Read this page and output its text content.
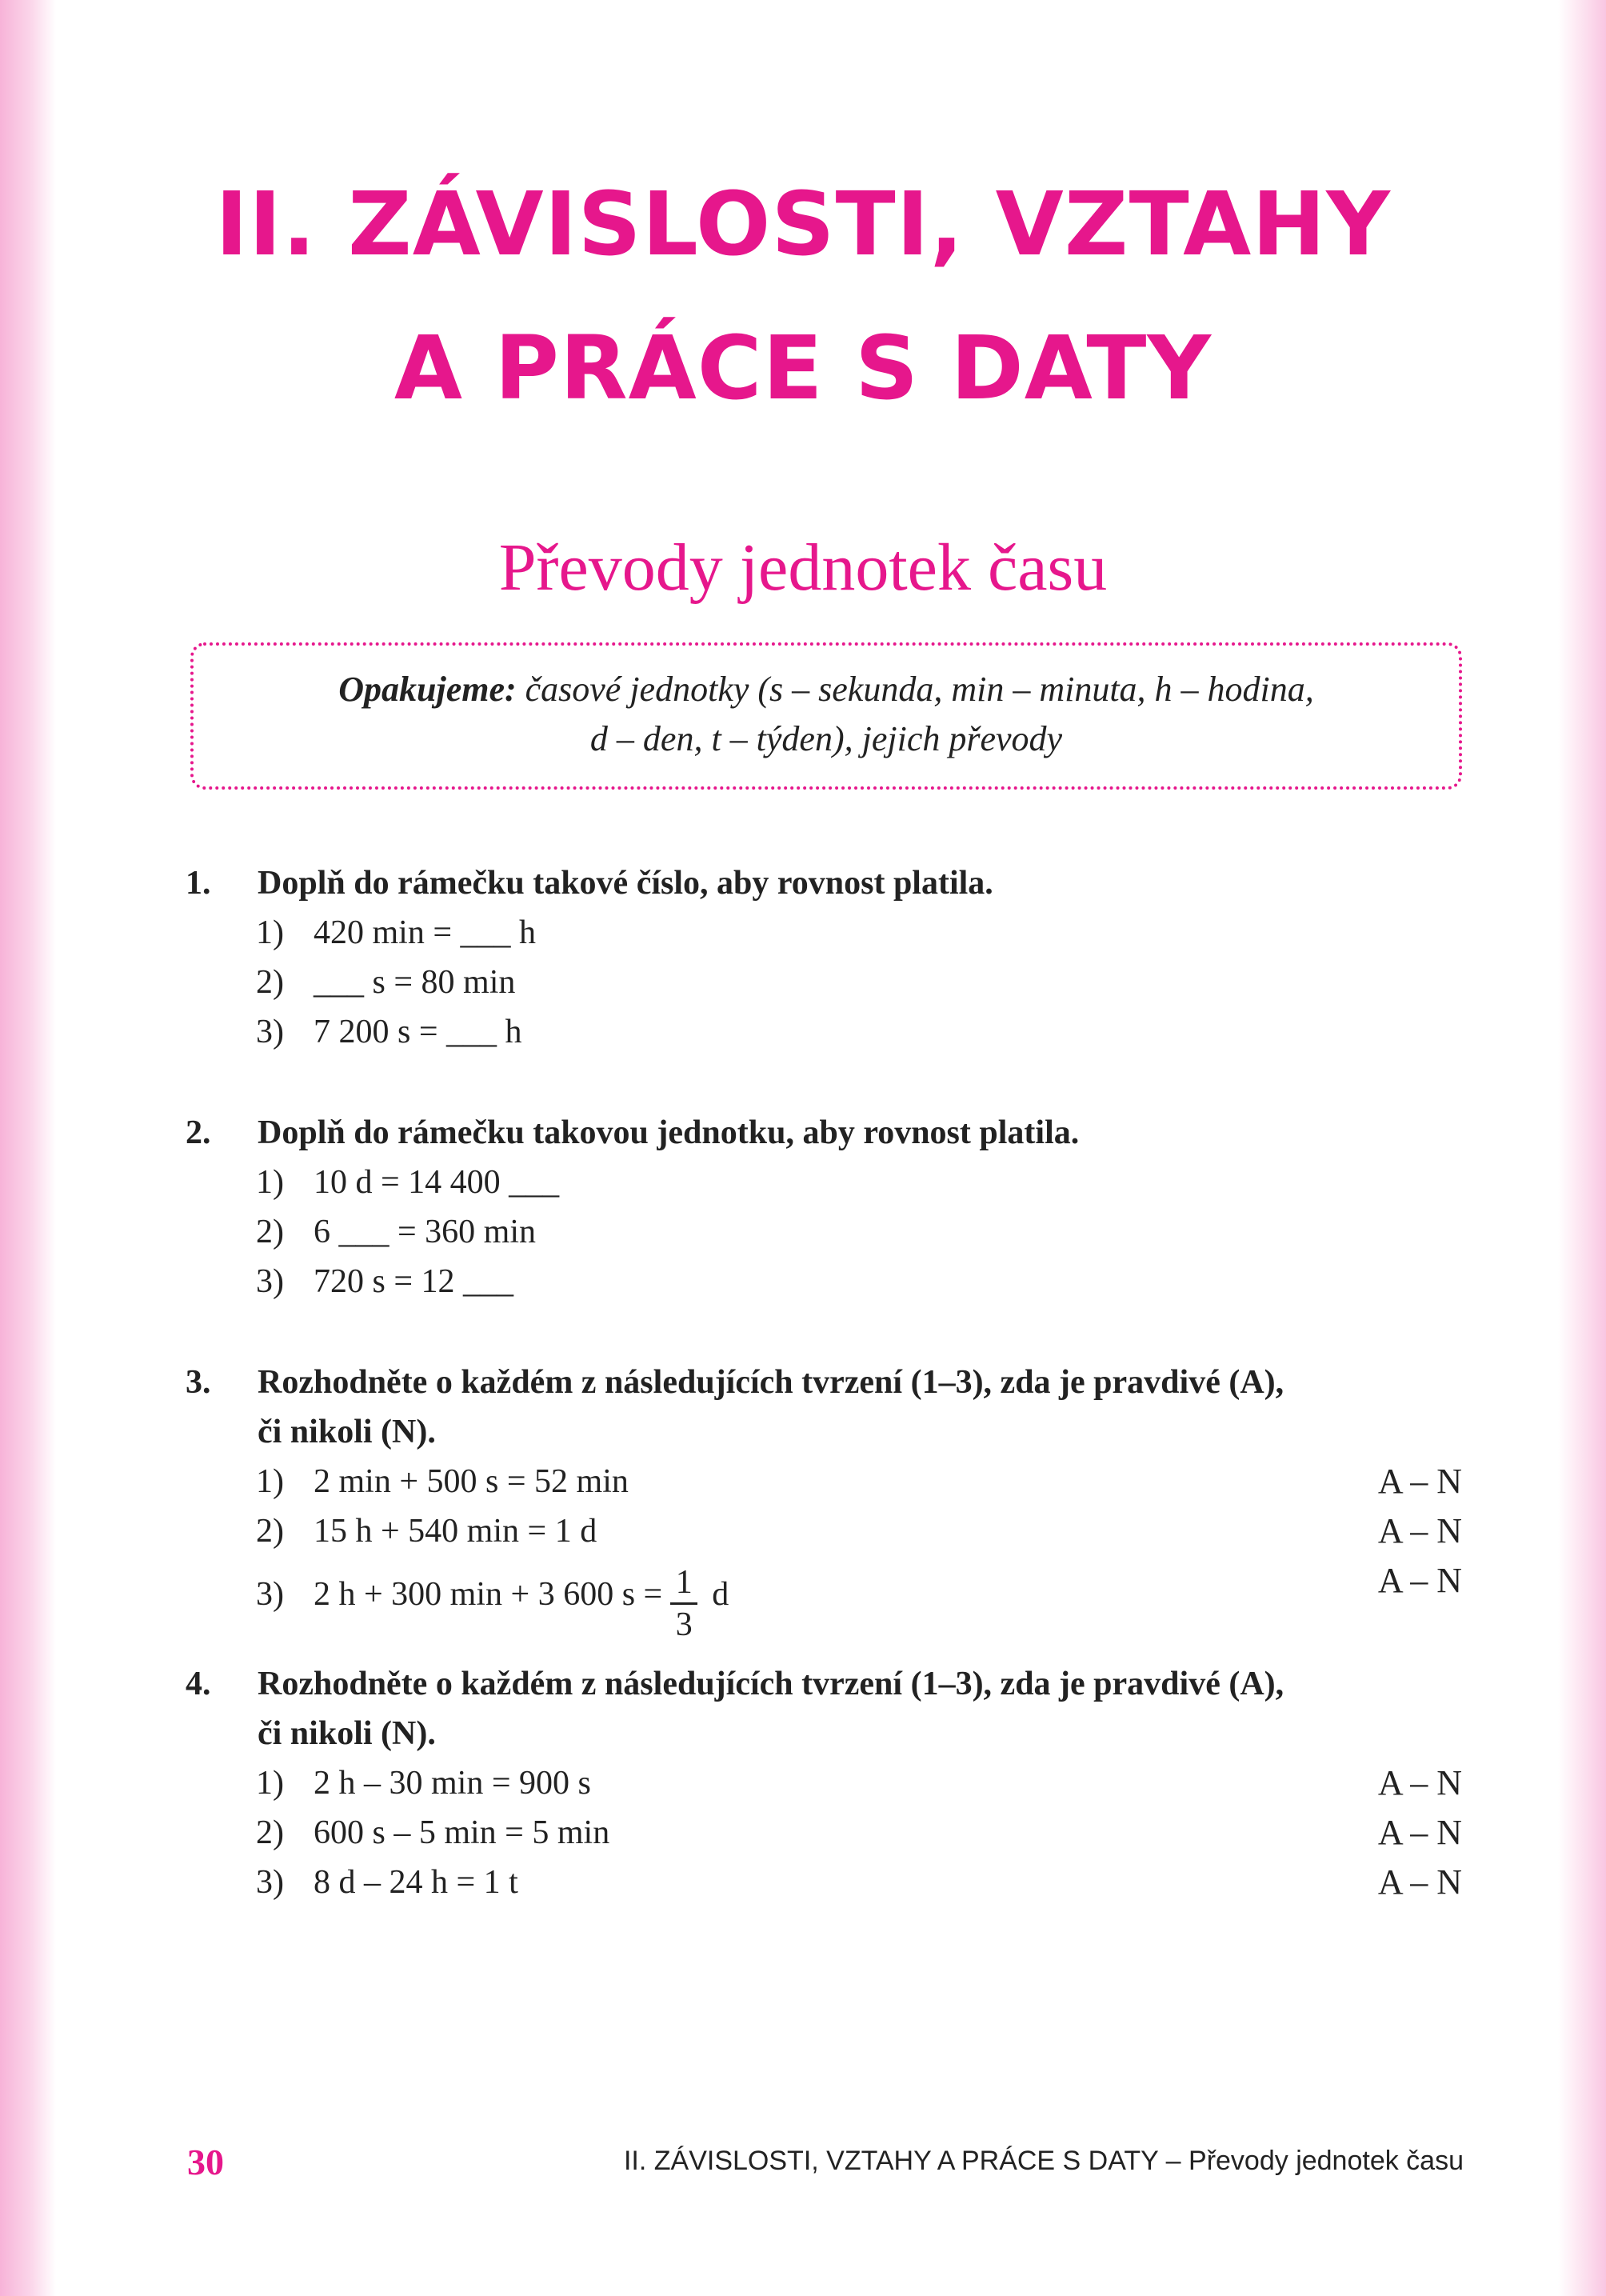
II. ZÁVISLOSTI, VZTAHY
A PRÁCE S DATY
Převody jednotek času
Opakujeme: časové jednotky (s – sekunda, min – minuta, h – hodina,
d – den, t – týden), jejich převody
1. Doplň do rámečku takové číslo, aby rovnost platila.
1) 420 min = ___ h
2) ___ s = 80 min
3) 7 200 s = ___ h
2. Doplň do rámečku takovou jednotku, aby rovnost platila.
1) 10 d = 14 400 ___
2) 6 ___ = 360 min
3) 720 s = 12 ___
3. Rozhodněte o každém z následujících tvrzení (1–3), zda je pravdivé (A),
či nikoli (N).
1) 2 min + 500 s = 52 min	A – N
2) 15 h + 540 min = 1 d	A – N
3) 2 h + 300 min + 3 600 $s = \frac{1}{3}$ d	A – N
4. Rozhodněte o každém z následujících tvrzení (1–3), zda je pravdivé (A),
či nikoli (N).
1) 2 h – 30 min = 900 s	A – N
2) 600 s – 5 min = 5 min	A – N
3) 8 d – 24 h = 1 t	A – N
30	II. ZÁVISLOSTI, VZTAHY A PRÁCE S DATY – Převody jednotek času
